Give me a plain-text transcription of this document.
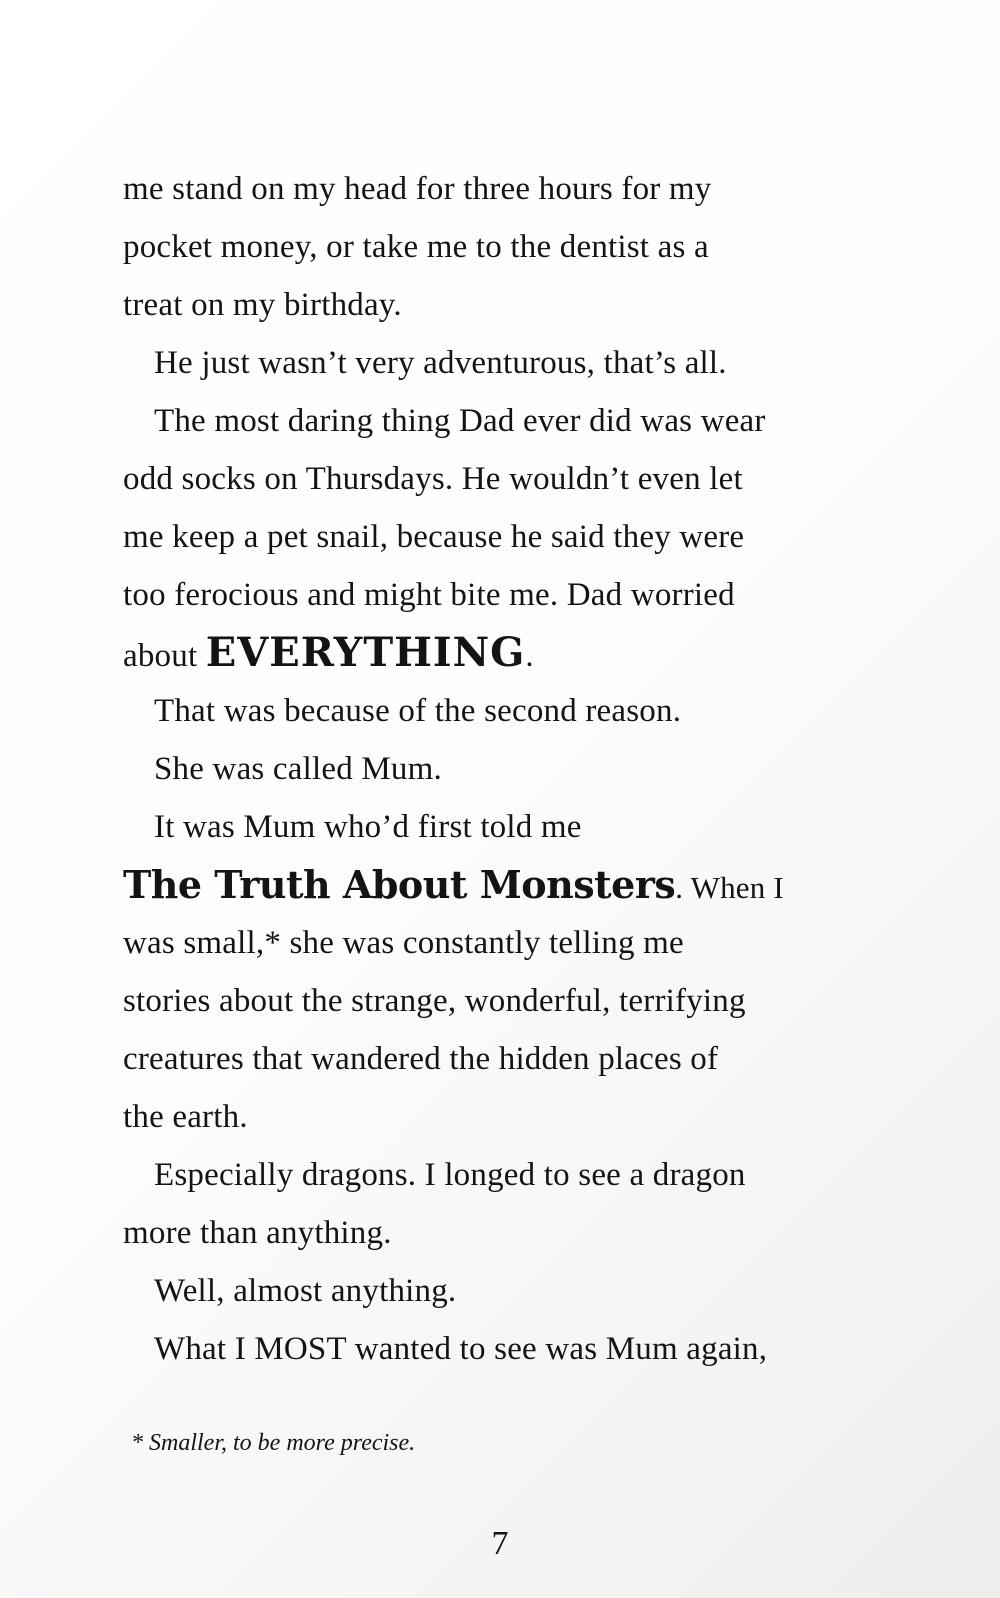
me stand on my head for three hours for my
pocket money, or take me to the dentist as a
treat on my birthday.
He just wasn’t very adventurous, that’s all.
The most daring thing Dad ever did was wear
odd socks on Thursdays. He wouldn’t even let
me keep a pet snail, because he said they were
too ferocious and might bite me. Dad worried
about EVERYTHING.
That was because of the second reason.
She was called Mum.
It was Mum who’d first told me
The Truth About Monsters. When I
was small,* she was constantly telling me
stories about the strange, wonderful, terrifying
creatures that wandered the hidden places of
the earth.
Especially dragons. I longed to see a dragon
more than anything.
Well, almost anything.
What I MOST wanted to see was Mum again,
* Smaller, to be more precise.
7
